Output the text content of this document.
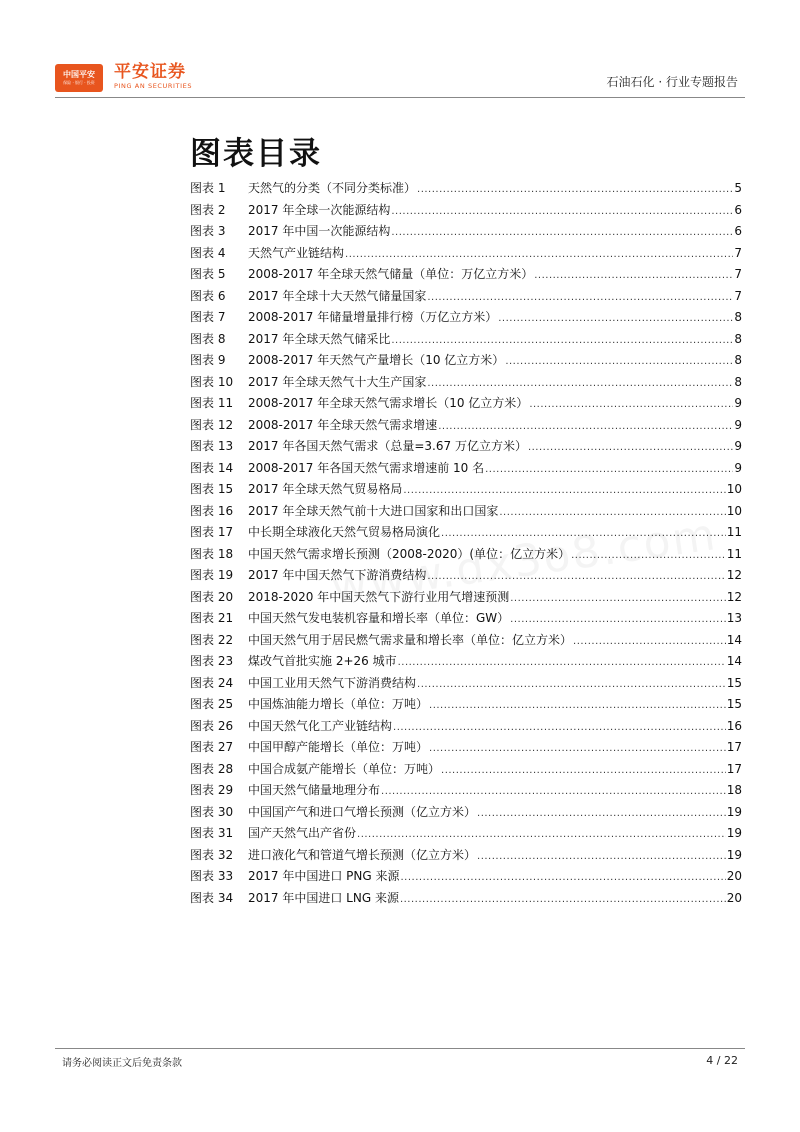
中国平安
保险 · 银行 · 投资
平安证券
PING AN SECURITIES	石油石化 · 行业专题报告
图表目录
图表 1	天然气的分类（不同分类标准） .....	5
图表 2	2017 年全球一次能源结构 .....	6
图表 3	2017 年中国一次能源结构 .....	6
图表 4	天然气产业链结构 .....	7
图表 5	2008-2017 年全球天然气储量（单位：万亿立方米） .....	7
图表 6	2017 年全球十大天然气储量国家 .....	7
图表 7	2008-2017 年储量增量排行榜（万亿立方米） .....	8
图表 8	2017 年全球天然气储采比 .....	8
图表 9	2008-2017 年天然气产量增长（10 亿立方米） .....	8
图表 10	2017 年全球天然气十大生产国家 .....	8
图表 11	2008-2017 年全球天然气需求增长（10 亿立方米） .....	9
图表 12	2008-2017 年全球天然气需求增速 .....	9
图表 13	2017 年各国天然气需求（总量=3.67 万亿立方米） .....	9
图表 14	2008-2017 年各国天然气需求增速前 10 名 .....	9
图表 15	2017 年全球天然气贸易格局 .....	10
图表 16	2017 年全球天然气前十大进口国家和出口国家 .....	10
图表 17	中长期全球液化天然气贸易格局演化 .....	11
图表 18	中国天然气需求增长预测（2008-2020）(单位：亿立方米） .....	11
图表 19	2017 年中国天然气下游消费结构 .....	12
图表 20	2018-2020 年中国天然气下游行业用气增速预测 .....	12
图表 21	中国天然气发电装机容量和增长率（单位：GW） .....	13
图表 22	中国天然气用于居民燃气需求量和增长率（单位：亿立方米） .....	14
图表 23	煤改气首批实施 2+26 城市 .....	14
图表 24	中国工业用天然气下游消费结构 .....	15
图表 25	中国炼油能力增长（单位：万吨） .....	15
图表 26	中国天然气化工产业链结构 .....	16
图表 27	中国甲醇产能增长（单位：万吨） .....	17
图表 28	中国合成氨产能增长（单位：万吨） .....	17
图表 29	中国天然气储量地理分布 .....	18
图表 30	中国国产气和进口气增长预测（亿立方米） .....	19
图表 31	国产天然气出产省份 .....	19
图表 32	进口液化气和管道气增长预测（亿立方米） .....	19
图表 33	2017 年中国进口 PNG 来源 .....	20
图表 34	2017 年中国进口 LNG 来源 .....	20
请务必阅读正文后免责条款	4 / 22
